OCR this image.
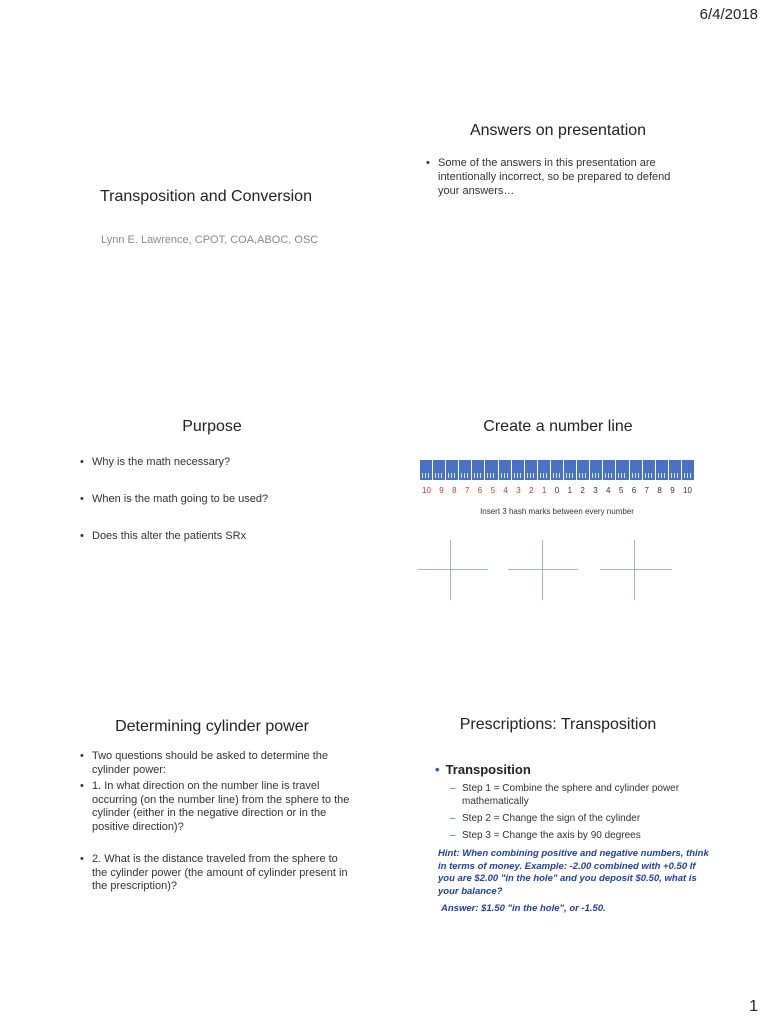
6/4/2018
1
Transposition and Conversion
Lynn E. Lawrence, CPOT, COA,ABOC, OSC
Answers on presentation
• Some of the answers in this presentation are intentionally incorrect, so be prepared to defend your answers…
Purpose
• Why is the math necessary?
• When is the math going to be used?
• Does this alter the patients SRx
Create a number line
10 9 8 7 6 5 4 3 2 1 0 1 2 3 4 5 6 7 8 9 10
Insert 3 hash marks between every number
Determining cylinder power
• Two questions should be asked to determine the cylinder power:
• 1. In what direction on the number line is travel occurring (on the number line) from the sphere to the cylinder (either in the negative direction or in the positive direction)?
• 2. What is the distance traveled from the sphere to the cylinder power (the amount of cylinder present in the prescription)?
Prescriptions: Transposition
• Transposition
– Step 1 = Combine the sphere and cylinder power mathematically
– Step 2 = Change the sign of the cylinder
– Step 3 = Change the axis by 90 degrees
Hint: When combining positive and negative numbers, think in terms of money. Example: -2.00 combined with +0.50 If you are $2.00 "in the hole" and you deposit $0.50, what is your balance?
Answer: $1.50 "in the hole", or -1.50.
